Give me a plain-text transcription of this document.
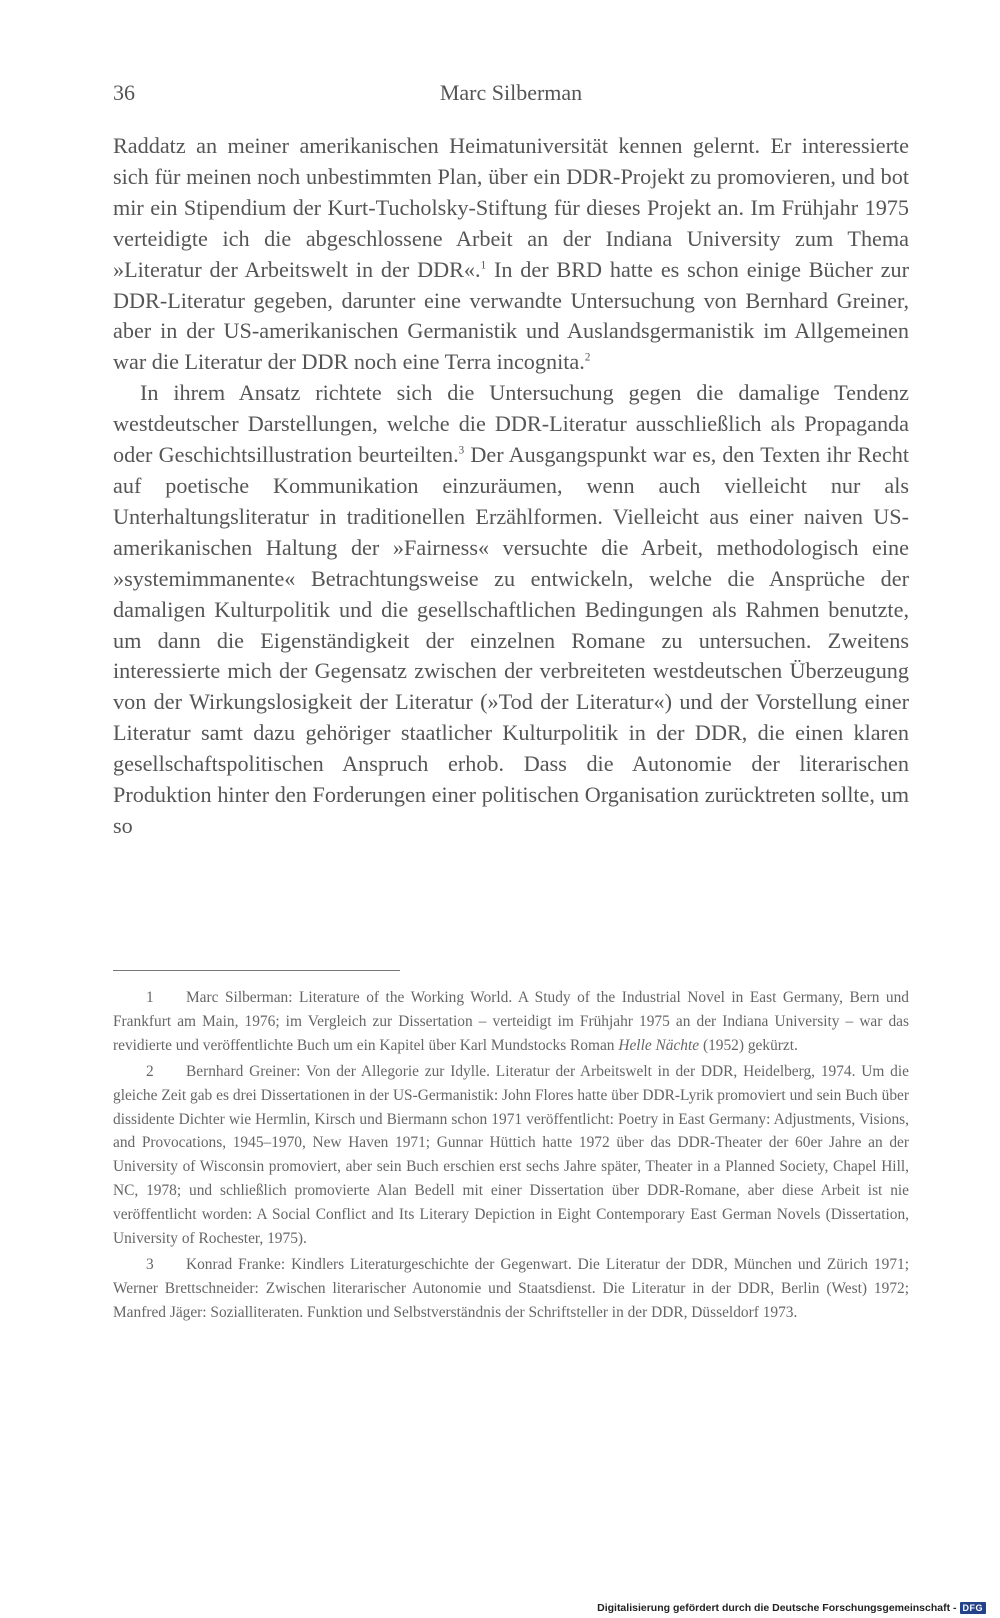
36	Marc Silberman

Raddatz an meiner amerikanischen Heimatuniversität kennen gelernt. Er interessierte sich für meinen noch unbestimmten Plan, über ein DDR-Projekt zu promovieren, und bot mir ein Stipendium der Kurt-Tucholsky-Stiftung für dieses Projekt an. Im Frühjahr 1975 verteidigte ich die abgeschlossene Arbeit an der Indiana University zum Thema »Literatur der Arbeitswelt in der DDR«.$^1$ In der BRD hatte es schon einige Bücher zur DDR-Literatur gegeben, darunter eine verwandte Untersuchung von Bernhard Greiner, aber in der US-amerikanischen Germanistik und Auslandsgermanistik im Allgemeinen war die Literatur der DDR noch eine Terra incognita.$^2$

In ihrem Ansatz richtete sich die Untersuchung gegen die damalige Tendenz westdeutscher Darstellungen, welche die DDR-Literatur ausschließlich als Propaganda oder Geschichtsillustration beurteilten.$^3$ Der Ausgangspunkt war es, den Texten ihr Recht auf poetische Kommunikation einzuräumen, wenn auch vielleicht nur als Unterhaltungsliteratur in traditionellen Erzählformen. Vielleicht aus einer naiven US-amerikanischen Haltung der »Fairness« versuchte die Arbeit, methodologisch eine »systemimmanente« Betrachtungsweise zu entwickeln, welche die Ansprüche der damaligen Kulturpolitik und die gesellschaftlichen Bedingungen als Rahmen benutzte, um dann die Eigenständigkeit der einzelnen Romane zu untersuchen. Zweitens interessierte mich der Gegensatz zwischen der verbreiteten westdeutschen Überzeugung von der Wirkungslosigkeit der Literatur (»Tod der Literatur«) und der Vorstellung einer Literatur samt dazu gehöriger staatlicher Kulturpolitik in der DDR, die einen klaren gesellschaftspolitischen Anspruch erhob. Dass die Autonomie der literarischen Produktion hinter den Forderungen einer politischen Organisation zurücktreten sollte, um so

1 Marc Silberman: Literature of the Working World. A Study of the Industrial Novel in East Germany, Bern und Frankfurt am Main, 1976; im Vergleich zur Dissertation – verteidigt im Frühjahr 1975 an der Indiana University – war das revidierte und veröffentlichte Buch um ein Kapitel über Karl Mundstocks Roman Helle Nächte (1952) gekürzt.

2 Bernhard Greiner: Von der Allegorie zur Idylle. Literatur der Arbeitswelt in der DDR, Heidelberg, 1974. Um die gleiche Zeit gab es drei Dissertationen in der US-Germanistik: John Flores hatte über DDR-Lyrik promoviert und sein Buch über dissidente Dichter wie Hermlin, Kirsch und Biermann schon 1971 veröffentlicht: Poetry in East Germany: Adjustments, Visions, and Provocations, 1945–1970, New Haven 1971; Gunnar Hüttich hatte 1972 über das DDR-Theater der 60er Jahre an der University of Wisconsin promoviert, aber sein Buch erschien erst sechs Jahre später, Theater in a Planned Society, Chapel Hill, NC, 1978; und schließlich promovierte Alan Bedell mit einer Dissertation über DDR-Romane, aber diese Arbeit ist nie veröffentlicht worden: A Social Conflict and Its Literary Depiction in Eight Contemporary East German Novels (Dissertation, University of Rochester, 1975).

3 Konrad Franke: Kindlers Literaturgeschichte der Gegenwart. Die Literatur der DDR, München und Zürich 1971; Werner Brettschneider: Zwischen literarischer Autonomie und Staatsdienst. Die Literatur in der DDR, Berlin (West) 1972; Manfred Jäger: Sozialliteraten. Funktion und Selbstverständnis der Schriftsteller in der DDR, Düsseldorf 1973.

Digitalisierung gefördert durch die Deutsche Forschungsgemeinschaft - DFG
